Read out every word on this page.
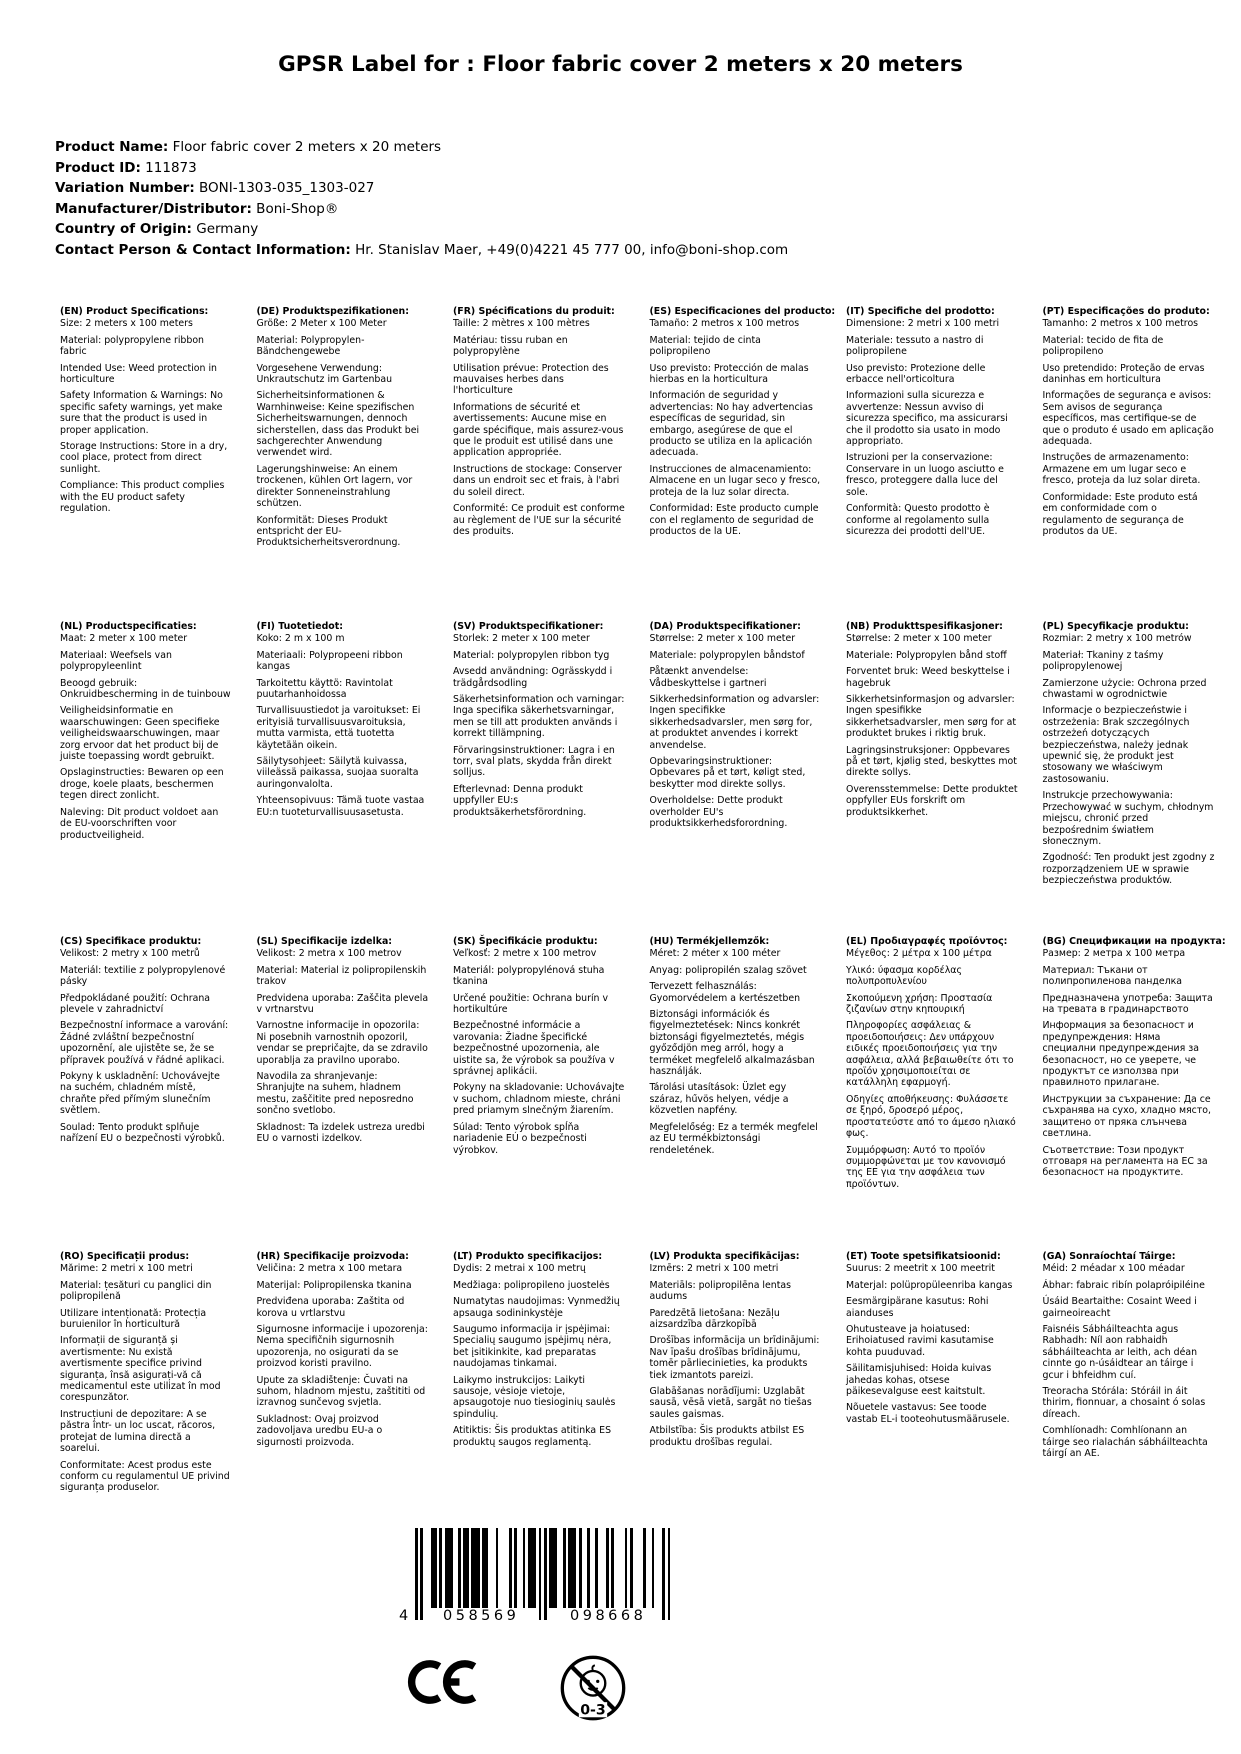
GPSR Label for : Floor fabric cover 2 meters x 20 meters
Product Name: Floor fabric cover 2 meters x 20 meters
Product ID: 111873
Variation Number: BONI-1303-035_1303-027
Manufacturer/Distributor: Boni-Shop®
Country of Origin: Germany
Contact Person & Contact Information: Hr. Stanislav Maer, +49(0)4221 45 777 00, info@boni-shop.com
(EN) Product Specifications:

Size: 2 meters x 100 meters

Material: polypropylene ribbon fabric

Intended Use: Weed protection in horticulture

Safety Information & Warnings: No specific safety warnings, yet make sure that the product is used in proper application.

Storage Instructions: Store in a dry, cool place, protect from direct sunlight.

Compliance: This product complies with the EU product safety regulation.

(DE) Produktspezifikationen:

Größe: 2 Meter x 100 Meter

Material: Polypropylen-Bändchengewebe

Vorgesehene Verwendung: Unkrautschutz im Gartenbau

Sicherheitsinformationen & Warnhinweise: Keine spezifischen Sicherheitswarnungen, dennoch sicherstellen, dass das Produkt bei sachgerechter Anwendung verwendet wird.

Lagerungshinweise: An einem trockenen, kühlen Ort lagern, vor direkter Sonneneinstrahlung schützen.

Konformität: Dieses Produkt entspricht der EU-Produktsicherheitsverordnung.

(FR) Spécifications du produit:

Taille: 2 mètres x 100 mètres

Matériau: tissu ruban en polypropylène

Utilisation prévue: Protection des mauvaises herbes dans l'horticulture

Informations de sécurité et avertissements: Aucune mise en garde spécifique, mais assurez-vous que le produit est utilisé dans une application appropriée.

Instructions de stockage: Conserver dans un endroit sec et frais, à l'abri du soleil direct.

Conformité: Ce produit est conforme au règlement de l'UE sur la sécurité des produits.

(ES) Especificaciones del producto:

Tamaño: 2 metros x 100 metros

Material: tejido de cinta polipropileno

Uso previsto: Protección de malas hierbas en la horticultura

Información de seguridad y advertencias: No hay advertencias específicas de seguridad, sin embargo, asegúrese de que el producto se utiliza en la aplicación adecuada.

Instrucciones de almacenamiento: Almacene en un lugar seco y fresco, proteja de la luz solar directa.

Conformidad: Este producto cumple con el reglamento de seguridad de productos de la UE.

(IT) Specifiche del prodotto:

Dimensione: 2 metri x 100 metri

Materiale: tessuto a nastro di polipropilene

Uso previsto: Protezione delle erbacce nell'orticoltura

Informazioni sulla sicurezza e avvertenze: Nessun avviso di sicurezza specifico, ma assicurarsi che il prodotto sia usato in modo appropriato.

Istruzioni per la conservazione: Conservare in un luogo asciutto e fresco, proteggere dalla luce del sole.

Conformità: Questo prodotto è conforme al regolamento sulla sicurezza dei prodotti dell'UE.

(PT) Especificações do produto:

Tamanho: 2 metros x 100 metros

Material: tecido de fita de polipropileno

Uso pretendido: Proteção de ervas daninhas em horticultura

Informações de segurança e avisos: Sem avisos de segurança específicos, mas certifique-se de que o produto é usado em aplicação adequada.

Instruções de armazenamento: Armazene em um lugar seco e fresco, proteja da luz solar direta.

Conformidade: Este produto está em conformidade com o regulamento de segurança de produtos da UE.

(NL) Productspecificaties:

Maat: 2 meter x 100 meter

Materiaal: Weefsels van polypropyleenlint

Beoogd gebruik: Onkruidbescherming in de tuinbouw

Veiligheidsinformatie en waarschuwingen: Geen specifieke veiligheidswaarschuwingen, maar zorg ervoor dat het product bij de juiste toepassing wordt gebruikt.

Opslaginstructies: Bewaren op een droge, koele plaats, beschermen tegen direct zonlicht.

Naleving: Dit product voldoet aan de EU-voorschriften voor productveiligheid.

(FI) Tuotetiedot:

Koko: 2 m x 100 m

Materiaali: Polypropeeni ribbon kangas

Tarkoitettu käyttö: Ravintolat puutarhanhoidossa

Turvallisuustiedot ja varoitukset: Ei erityisiä turvallisuusvaroituksia, mutta varmista, että tuotetta käytetään oikein.

Säilytysohjeet: Säilytä kuivassa, viileässä paikassa, suojaa suoralta auringonvalolta.

Yhteensopivuus: Tämä tuote vastaa EU:n tuoteturvallisuusasetusta.

(SV) Produktspecifikationer:

Storlek: 2 meter x 100 meter

Material: polypropylen ribbon tyg

Avsedd användning: Ogrässkydd i trädgårdsodling

Säkerhetsinformation och varningar: Inga specifika säkerhetsvarningar, men se till att produkten används i korrekt tillämpning.

Förvaringsinstruktioner: Lagra i en torr, sval plats, skydda från direkt solljus.

Efterlevnad: Denna produkt uppfyller EU:s produktsäkerhetsförordning.

(DA) Produktspecifikationer:

Størrelse: 2 meter x 100 meter

Materiale: polypropylen båndstof

Påtænkt anvendelse: Vådbeskyttelse i gartneri

Sikkerhedsinformation og advarsler: Ingen specifikke sikkerhedsadvarsler, men sørg for, at produktet anvendes i korrekt anvendelse.

Opbevaringsinstruktioner: Opbevares på et tørt, køligt sted, beskytter mod direkte sollys.

Overholdelse: Dette produkt overholder EU's produktsikkerhedsforordning.

(NB) Produkttspesifikasjoner:

Størrelse: 2 meter x 100 meter

Materiale: Polypropylen bånd stoff

Forventet bruk: Weed beskyttelse i hagebruk

Sikkerhetsinformasjon og advarsler: Ingen spesifikke sikkerhetsadvarsler, men sørg for at produktet brukes i riktig bruk.

Lagringsinstruksjoner: Oppbevares på et tørt, kjølig sted, beskyttes mot direkte sollys.

Overensstemmelse: Dette produktet oppfyller EUs forskrift om produktsikkerhet.

(PL) Specyfikacje produktu:

Rozmiar: 2 metry x 100 metrów

Materiał: Tkaniny z taśmy polipropylenowej

Zamierzone użycie: Ochrona przed chwastami w ogrodnictwie

Informacje o bezpieczeństwie i ostrzeżenia: Brak szczególnych ostrzeżeń dotyczących bezpieczeństwa, należy jednak upewnić się, że produkt jest stosowany we właściwym zastosowaniu.

Instrukcje przechowywania: Przechowywać w suchym, chłodnym miejscu, chronić przed bezpośrednim światłem słonecznym.

Zgodność: Ten produkt jest zgodny z rozporządzeniem UE w sprawie bezpieczeństwa produktów.

(CS) Specifikace produktu:

Velikost: 2 metry x 100 metrů

Materiál: textilie z polypropylenové pásky

Předpokládané použití: Ochrana plevele v zahradnictví

Bezpečnostní informace a varování: Žádné zvláštní bezpečnostní upozornění, ale ujistěte se, že se přípravek používá v řádné aplikaci.

Pokyny k uskladnění: Uchovávejte na suchém, chladném místě, chraňte před přímým slunečním světlem.

Soulad: Tento produkt splňuje nařízení EU o bezpečnosti výrobků.

(SL) Specifikacije izdelka:

Velikost: 2 metra x 100 metrov

Material: Material iz polipropilenskih trakov

Predvidena uporaba: Zaščita plevela v vrtnarstvu

Varnostne informacije in opozorila: Ni posebnih varnostnih opozoril, vendar se prepričajte, da se zdravilo uporablja za pravilno uporabo.

Navodila za shranjevanje: Shranjujte na suhem, hladnem mestu, zaščitite pred neposredno sončno svetlobo.

Skladnost: Ta izdelek ustreza uredbi EU o varnosti izdelkov.

(SK) Špecifikácie produktu:

Veľkosť: 2 metre x 100 metrov

Materiál: polypropylénová stuha tkanina

Určené použitie: Ochrana burín v hortikultúre

Bezpečnostné informácie a varovania: Žiadne špecifické bezpečnostné upozornenia, ale uistite sa, že výrobok sa používa v správnej aplikácii.

Pokyny na skladovanie: Uchovávajte v suchom, chladnom mieste, chráni pred priamym slnečným žiarením.

Súlad: Tento výrobok spĺňa nariadenie EÚ o bezpečnosti výrobkov.

(HU) Termékjellemzők:

Méret: 2 méter x 100 méter

Anyag: polipropilén szalag szövet

Tervezett felhasználás: Gyomorvédelem a kertészetben

Biztonsági információk és figyelmeztetések: Nincs konkrét biztonsági figyelmeztetés, mégis győződjön meg arról, hogy a terméket megfelelő alkalmazásban használják.

Tárolási utasítások: Üzlet egy száraz, hűvös helyen, védje a közvetlen napfény.

Megfelelőség: Ez a termék megfelel az EU termékbiztonsági rendeletének.

(EL) Προδιαγραφές προϊόντος:

Μέγεθος: 2 μέτρα x 100 μέτρα

Υλικό: ύφασμα κορδέλας πολυπροπυλενίου

Σκοπούμενη χρήση: Προστασία ζιζανίων στην κηπουρική

Πληροφορίες ασφάλειας & προειδοποιήσεις: Δεν υπάρχουν ειδικές προειδοποιήσεις για την ασφάλεια, αλλά βεβαιωθείτε ότι το προϊόν χρησιμοποιείται σε κατάλληλη εφαρμογή.

Οδηγίες αποθήκευσης: Φυλάσσετε σε ξηρό, δροσερό μέρος, προστατεύστε από το άμεσο ηλιακό φως.

Συμμόρφωση: Αυτό το προϊόν συμμορφώνεται με τον κανονισμό της ΕΕ για την ασφάλεια των προϊόντων.

(BG) Спецификации на продукта:

Размер: 2 метра x 100 метра

Материал: Тъкани от полипропиленова панделка

Предназначена употреба: Защита на тревата в градинарството

Информация за безопасност и предупреждения: Няма специални предупреждения за безопасност, но се уверете, че продуктът се използва при правилното прилагане.

Инструкции за съхранение: Да се съхранява на сухо, хладно място, защитено от пряка слънчева светлина.

Съответствие: Този продукт отговаря на регламента на ЕС за безопасност на продуктите.

(RO) Specificații produs:

Mărime: 2 metri x 100 metri

Material: țesături cu panglici din polipropilenă

Utilizare intenționată: Protecția buruienilor în horticultură

Informații de siguranță și avertismente: Nu există avertismente specifice privind siguranța, însă asigurați-vă că medicamentul este utilizat în mod corespunzător.

Instrucțiuni de depozitare: A se păstra într- un loc uscat, răcoros, protejat de lumina directă a soarelui.

Conformitate: Acest produs este conform cu regulamentul UE privind siguranța produselor.

(HR) Specifikacije proizvoda:

Veličina: 2 metra x 100 metara

Materijal: Polipropilenska tkanina

Predviđena uporaba: Zaštita od korova u vrtlarstvu

Sigurnosne informacije i upozorenja: Nema specifičnih sigurnosnih upozorenja, no osigurati da se proizvod koristi pravilno.

Upute za skladištenje: Čuvati na suhom, hladnom mjestu, zaštititi od izravnog sunčevog svjetla.

Sukladnost: Ovaj proizvod zadovoljava uredbu EU-a o sigurnosti proizvoda.

(LT) Produkto specifikacijos:

Dydis: 2 metrai x 100 metrų

Medžiaga: polipropileno juostelės

Numatytas naudojimas: Vynmedžių apsauga sodininkystėje

Saugumo informacija ir įspėjimai: Specialių saugumo įspėjimų nėra, bet įsitikinkite, kad preparatas naudojamas tinkamai.

Laikymo instrukcijos: Laikyti sausoje, vėsioje vietoje, apsaugotoje nuo tiesioginių saulės spindulių.

Atitiktis: Šis produktas atitinka ES produktų saugos reglamentą.

(LV) Produkta specifikācijas:

Izmērs: 2 metri x 100 metri

Materiāls: polipropilēna lentas audums

Paredzētā lietošana: Nezāļu aizsardzība dārzkopībā

Drošības informācija un brīdinājumi: Nav īpašu drošības brīdinājumu, tomēr pārliecinieties, ka produkts tiek izmantots pareizi.

Glabāšanas norādījumi: Uzglabāt sausā, vēsā vietā, sargāt no tiešas saules gaismas.

Atbilstība: Šis produkts atbilst ES produktu drošības regulai.

(ET) Toote spetsifikatsioonid:

Suurus: 2 meetrit x 100 meetrit

Materjal: polüpropüleenriba kangas

Eesmärgipärane kasutus: Rohi aianduses

Ohutusteave ja hoiatused: Erihoiatused ravimi kasutamise kohta puuduvad.

Säilitamisjuhised: Hoida kuivas jahedas kohas, otsese päikesevalguse eest kaitstult.

Nõuetele vastavus: See toode vastab EL-i tooteohutusmäärusele.

(GA) Sonraíochtaí Táirge:

Méid: 2 méadar x 100 méadar

Ábhar: fabraic ribín polapróipiléine

Úsáid Beartaithe: Cosaint Weed i gairneoireacht

Faisnéis Sábháilteachta agus Rabhadh: Níl aon rabhaidh sábháilteachta ar leith, ach déan cinnte go n-úsáidtear an táirge i gcur i bhfeidhm cuí.

Treoracha Stórála: Stóráil in áit thirim, fionnuar, a chosaint ó solas díreach.

Comhlíonadh: Comhlíonann an táirge seo rialachán sábháilteachta táirgí an AE.

4 058569	098668
0-3
